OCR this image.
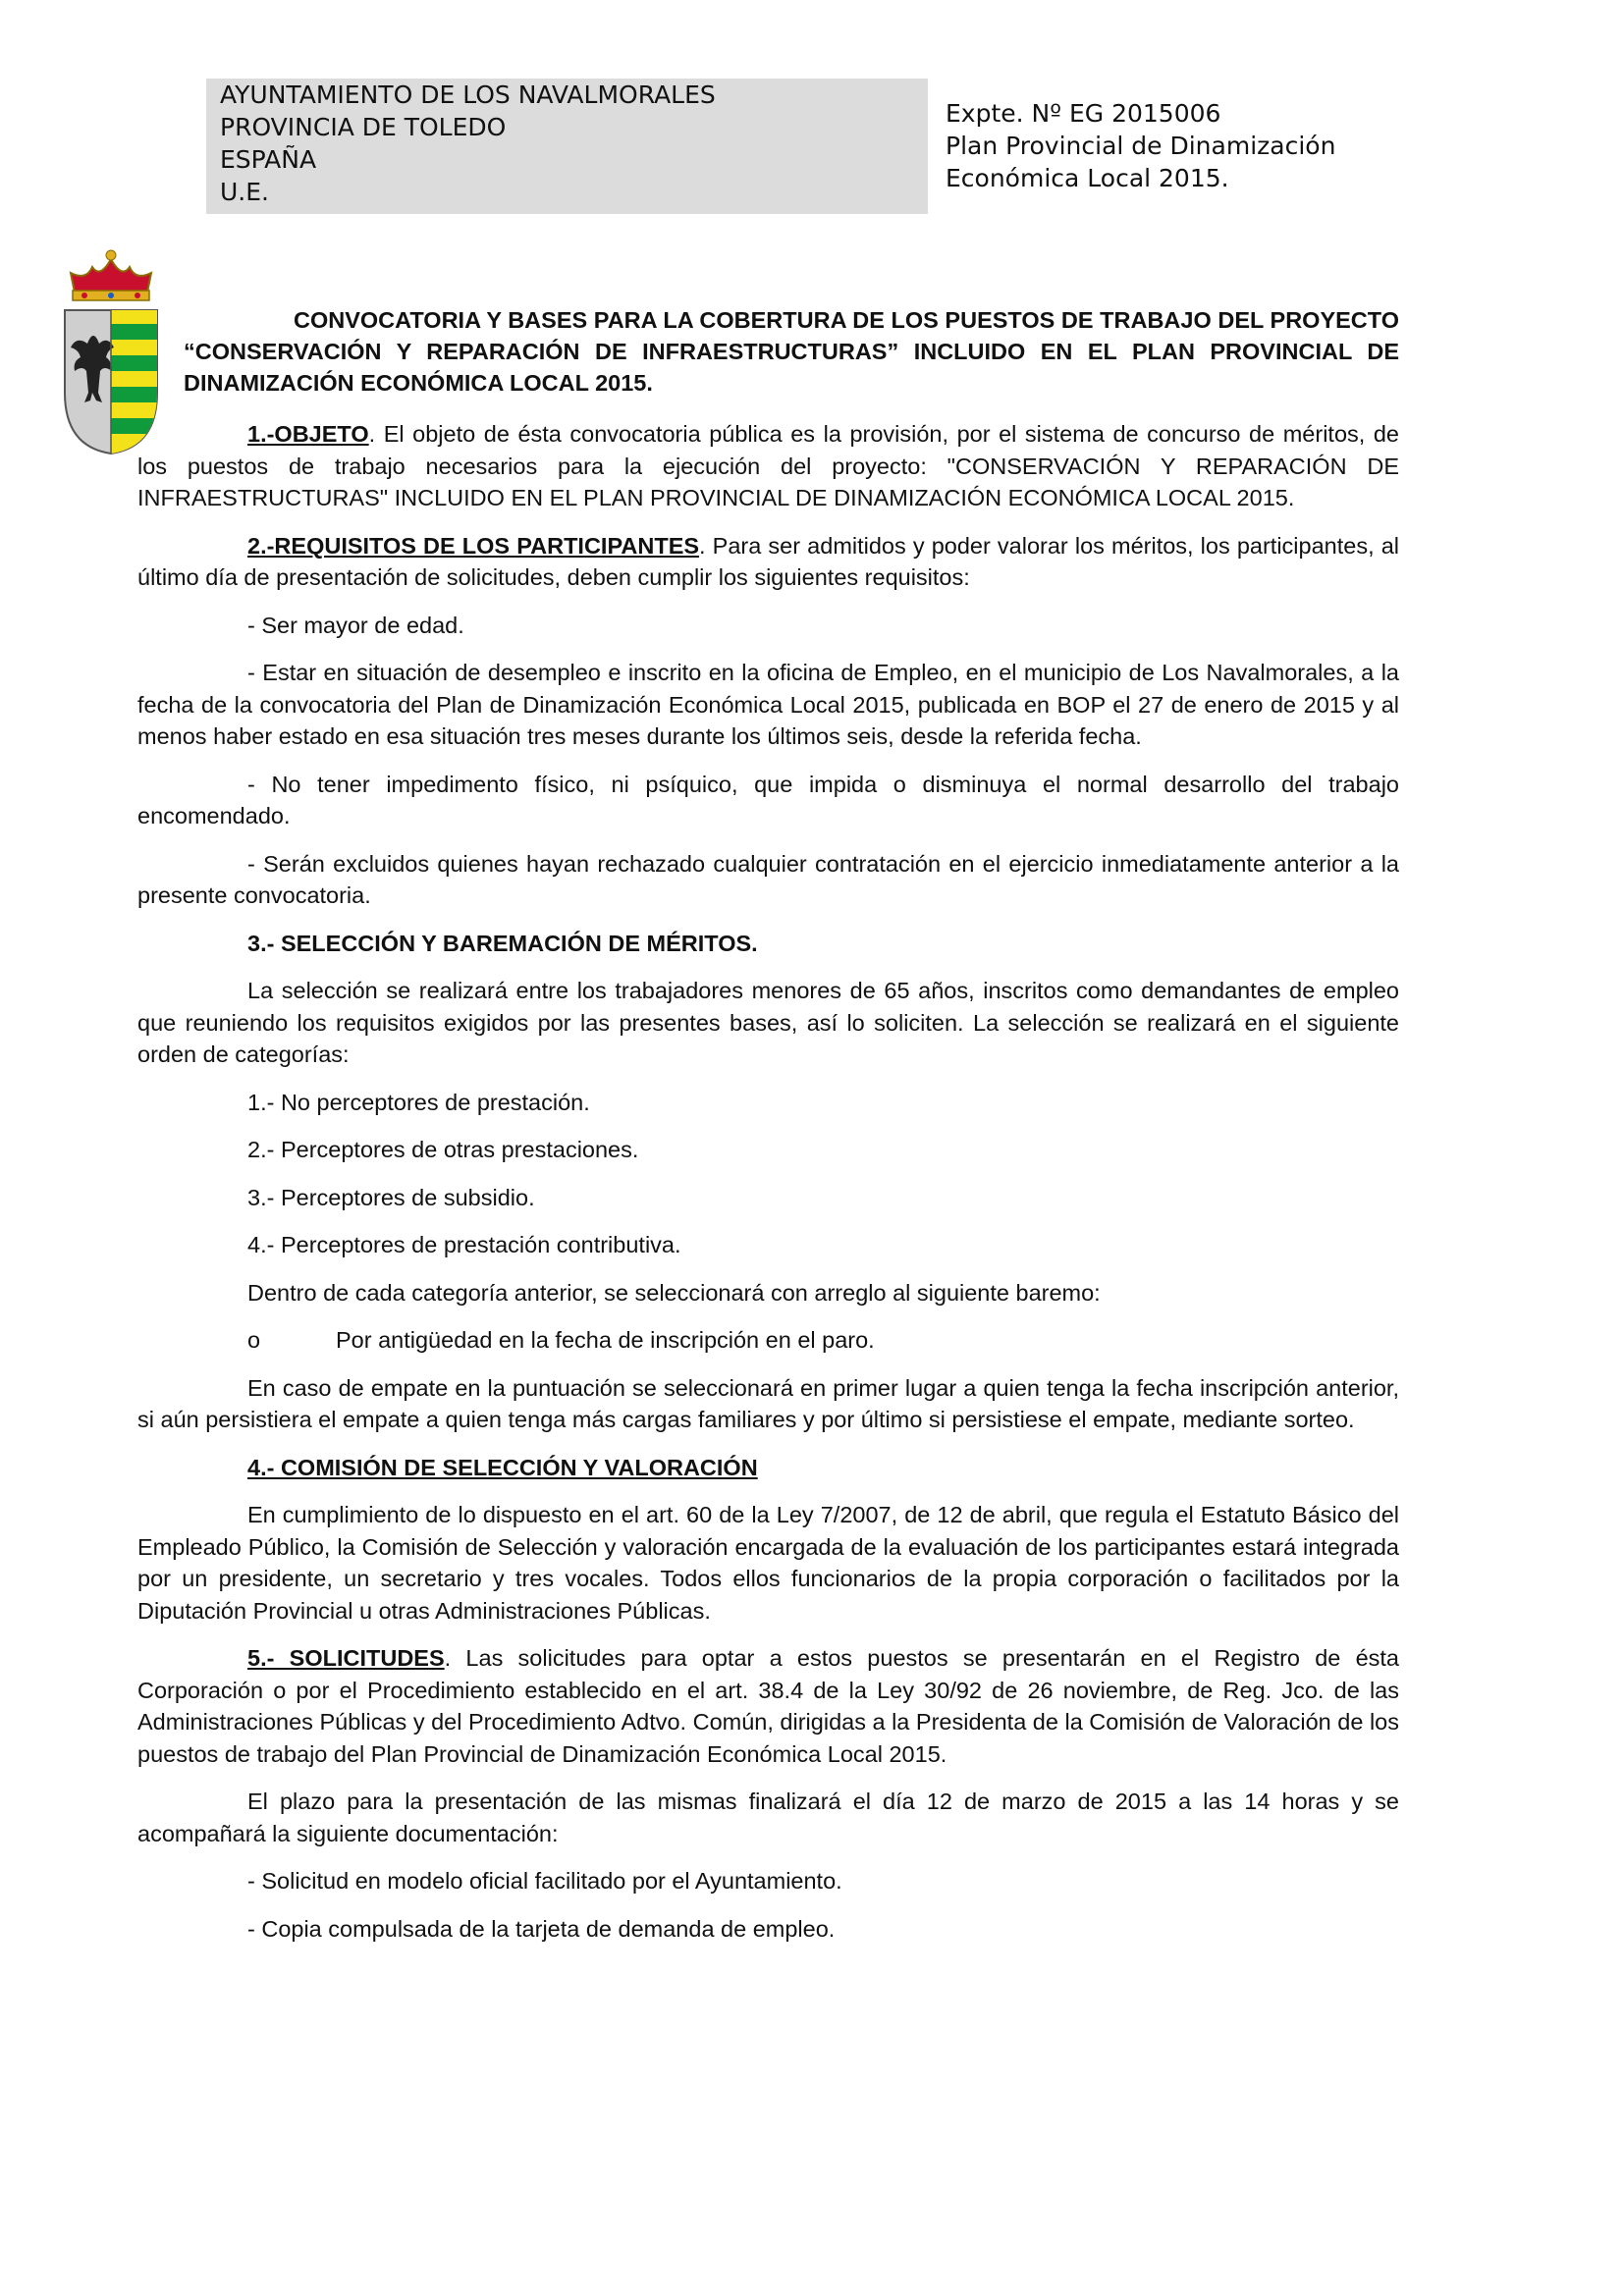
AYUNTAMIENTO DE LOS NAVALMORALES
PROVINCIA DE TOLEDO
ESPAÑA
U.E.
Expte. Nº EG 2015006
Plan Provincial de Dinamización
Económica Local 2015.

CONVOCATORIA Y BASES PARA LA COBERTURA DE LOS PUESTOS DE TRABAJO DEL PROYECTO “CONSERVACIÓN Y REPARACIÓN DE INFRAESTRUCTURAS” INCLUIDO EN EL PLAN PROVINCIAL DE DINAMIZACIÓN ECONÓMICA LOCAL 2015.

1.-OBJETO. El objeto de ésta convocatoria pública es la provisión, por el sistema de concurso de méritos, de los puestos de trabajo necesarios para la ejecución del proyecto: "CONSERVACIÓN Y REPARACIÓN DE INFRAESTRUCTURAS" INCLUIDO EN EL PLAN PROVINCIAL DE DINAMIZACIÓN ECONÓMICA LOCAL 2015.

2.-REQUISITOS DE LOS PARTICIPANTES. Para ser admitidos y poder valorar los méritos, los participantes, al último día de presentación de solicitudes, deben cumplir los siguientes requisitos:

- Ser mayor de edad.

- Estar en situación de desempleo e inscrito en la oficina de Empleo, en el municipio de Los Navalmorales, a la fecha de la convocatoria del Plan de Dinamización Económica Local 2015, publicada en BOP el 27 de enero de 2015 y al menos haber estado en esa situación tres meses durante los últimos seis, desde la referida fecha.

- No tener impedimento físico, ni psíquico, que impida o disminuya el normal desarrollo del trabajo encomendado.

- Serán excluidos quienes hayan rechazado cualquier contratación en el ejercicio inmediatamente anterior a la presente convocatoria.

3.- SELECCIÓN Y BAREMACIÓN DE MÉRITOS.

La selección se realizará entre los trabajadores menores de 65 años, inscritos como demandantes de empleo que reuniendo los requisitos exigidos por las presentes bases, así lo soliciten. La selección se realizará en el siguiente orden de categorías:

1.- No perceptores de prestación.

2.- Perceptores de otras prestaciones.

3.- Perceptores de subsidio.

4.- Perceptores de prestación contributiva.

Dentro de cada categoría anterior, se seleccionará con arreglo al siguiente baremo:

o	Por antigüedad en la fecha de inscripción en el paro.

En caso de empate en la puntuación se seleccionará en primer lugar a quien tenga la fecha inscripción anterior, si aún persistiera el empate a quien tenga más cargas familiares y por último si persistiese el empate, mediante sorteo.

4.- COMISIÓN DE SELECCIÓN Y VALORACIÓN

En cumplimiento de lo dispuesto en el art. 60 de la Ley 7/2007, de 12 de abril, que regula el Estatuto Básico del Empleado Público, la Comisión de Selección y valoración encargada de la evaluación de los participantes estará integrada por un presidente, un secretario y tres vocales. Todos ellos funcionarios de la propia corporación o facilitados por la Diputación Provincial u otras Administraciones Públicas.

5.- SOLICITUDES. Las solicitudes para optar a estos puestos se presentarán en el Registro de ésta Corporación o por el Procedimiento establecido en el art. 38.4 de la Ley 30/92 de 26 noviembre, de Reg. Jco. de las Administraciones Públicas y del Procedimiento Adtvo. Común, dirigidas a la Presidenta de la Comisión de Valoración de los puestos de trabajo del Plan Provincial de Dinamización Económica Local 2015.

El plazo para la presentación de las mismas finalizará el día 12 de marzo de 2015 a las 14 horas y se acompañará la siguiente documentación:

- Solicitud en modelo oficial facilitado por el Ayuntamiento.

- Copia compulsada de la tarjeta de demanda de empleo.
